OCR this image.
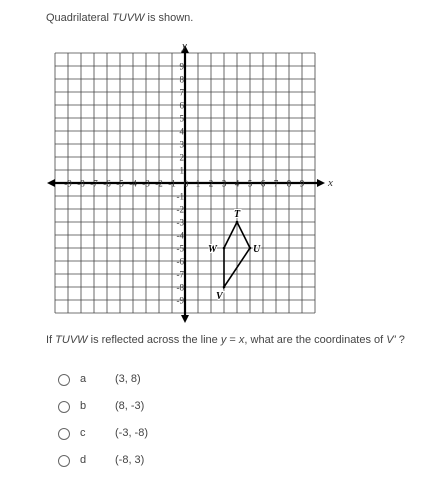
Quadrilateral TUVW is shown.
x
y
-9 -8 -7 -6 -5 -4 -3 -2 -1 1 2 3 4 5 6 7 8 9
9
8
7
6
5
4
3
2
1
-1
-2
-3
-4
-5
-6
-7
-8
-9
0
T
U
V
W
If TUVW is reflected across the line y = x, what are the coordinates of V' ?
a	(3, 8)
b	(8, -3)
c	(-3, -8)
d	(-8, 3)
